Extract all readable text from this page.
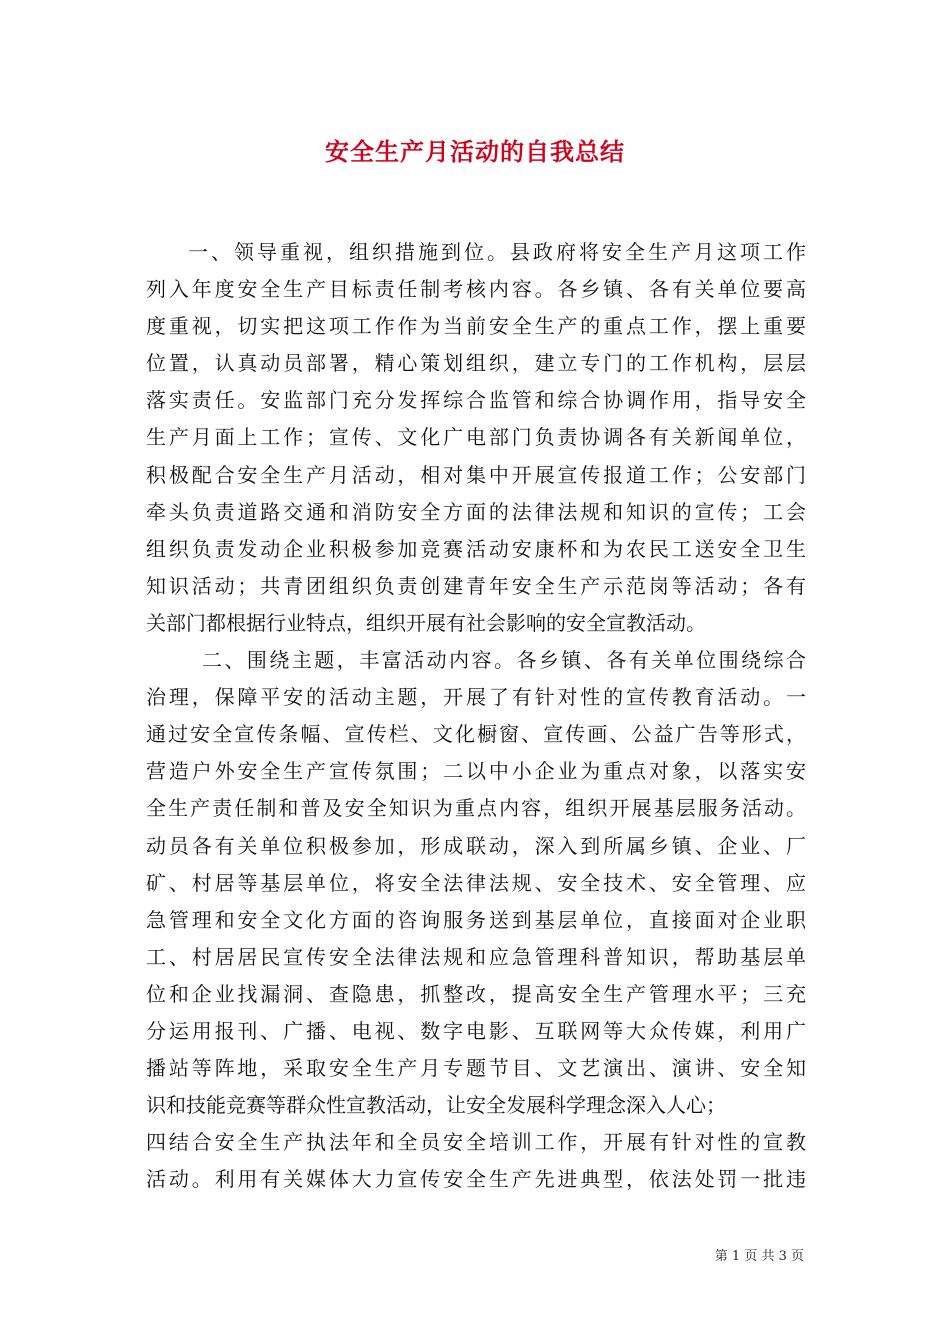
安全生产月活动的自我总结
一、领导重视，组织措施到位。县政府将安全生产月这项工作
列入年度安全生产目标责任制考核内容。各乡镇、各有关单位要高
度重视，切实把这项工作作为当前安全生产的重点工作，摆上重要
位置，认真动员部署，精心策划组织，建立专门的工作机构，层层
落实责任。安监部门充分发挥综合监管和综合协调作用，指导安全
生产月面上工作；宣传、文化广电部门负责协调各有关新闻单位，
积极配合安全生产月活动，相对集中开展宣传报道工作；公安部门
牵头负责道路交通和消防安全方面的法律法规和知识的宣传；工会
组织负责发动企业积极参加竞赛活动安康杯和为农民工送安全卫生
知识活动；共青团组织负责创建青年安全生产示范岗等活动；各有
关部门都根据行业特点，组织开展有社会影响的安全宣教活动。
二、围绕主题，丰富活动内容。各乡镇、各有关单位围绕综合
治理，保障平安的活动主题，开展了有针对性的宣传教育活动。一
通过安全宣传条幅、宣传栏、文化橱窗、宣传画、公益广告等形式，
营造户外安全生产宣传氛围；二以中小企业为重点对象，以落实安
全生产责任制和普及安全知识为重点内容，组织开展基层服务活动。
动员各有关单位积极参加，形成联动，深入到所属乡镇、企业、厂
矿、村居等基层单位，将安全法律法规、安全技术、安全管理、应
急管理和安全文化方面的咨询服务送到基层单位，直接面对企业职
工、村居居民宣传安全法律法规和应急管理科普知识，帮助基层单
位和企业找漏洞、查隐患，抓整改，提高安全生产管理水平；三充
分运用报刊、广播、电视、数字电影、互联网等大众传媒，利用广
播站等阵地，采取安全生产月专题节目、文艺演出、演讲、安全知
识和技能竞赛等群众性宣教活动，让安全发展科学理念深入人心；
四结合安全生产执法年和全员安全培训工作，开展有针对性的宣教
活动。利用有关媒体大力宣传安全生产先进典型，依法处罚一批违
第 1 页 共 3 页
